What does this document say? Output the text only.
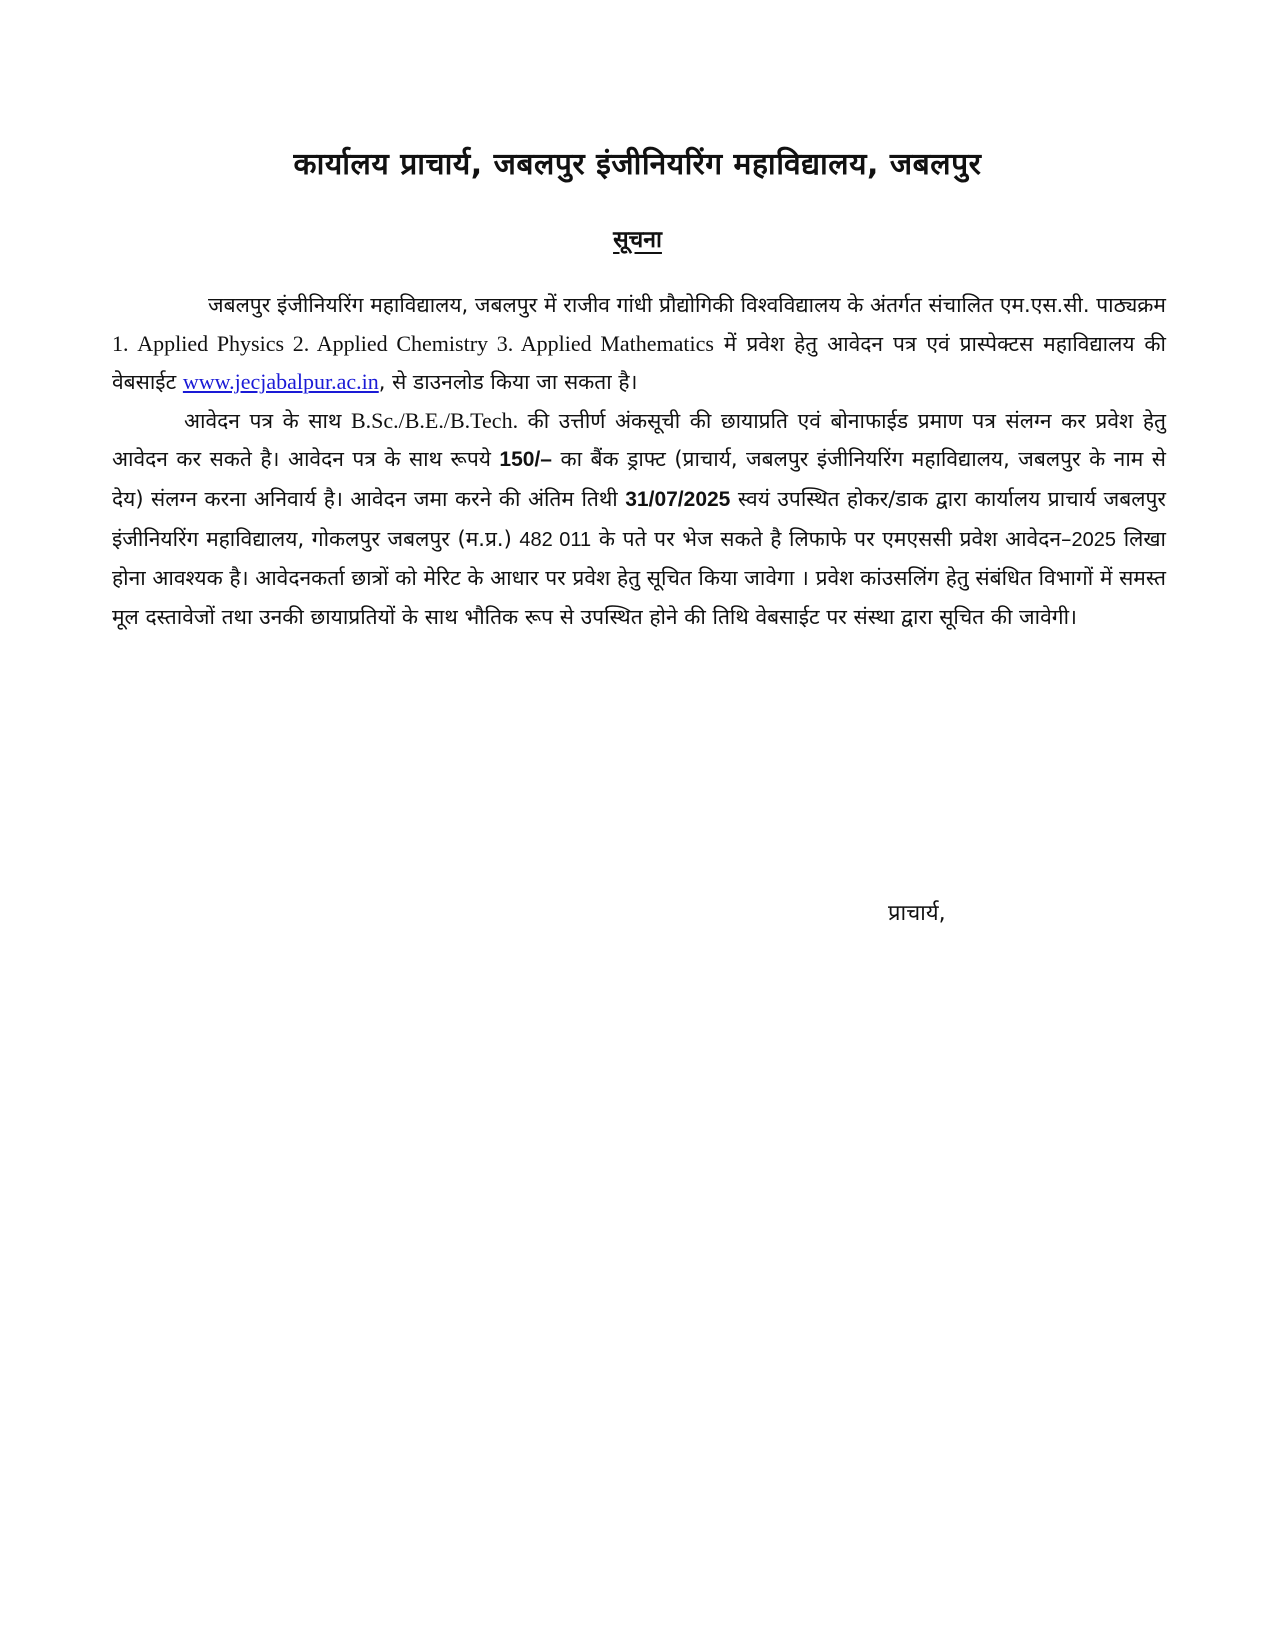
कार्यालय प्राचार्य, जबलपुर इंजीनियरिंग महाविद्यालय, जबलपुर
सूचना

जबलपुर इंजीनियरिंग महाविद्यालय, जबलपुर में राजीव गांधी प्रौद्योगिकी विश्वविद्यालय के अंतर्गत संचालित एम.एस.सी. पाठ्यक्रम 1. Applied Physics 2. Applied Chemistry 3. Applied Mathematics में प्रवेश हेतु आवेदन पत्र एवं प्रास्पेक्टस महाविद्यालय की वेबसाईट www.jecjabalpur.ac.in, से डाउनलोड किया जा सकता है।

आवेदन पत्र के साथ B.Sc./B.E./B.Tech. की उत्तीर्ण अंकसूची की छायाप्रति एवं बोनाफाईड प्रमाण पत्र संलग्न कर प्रवेश हेतु आवेदन कर सकते है। आवेदन पत्र के साथ रूपये 150/– का बैंक ड्राफ्ट (प्राचार्य, जबलपुर इंजीनियरिंग महाविद्यालय, जबलपुर के नाम से देय) संलग्न करना अनिवार्य है। आवेदन जमा करने की अंतिम तिथी 31/07/2025 स्वयं उपस्थित होकर/डाक द्वारा कार्यालय प्राचार्य जबलपुर इंजीनियरिंग महाविद्यालय, गोकलपुर जबलपुर (म.प्र.) 482 011 के पते पर भेज सकते है लिफाफे पर एमएससी प्रवेश आवेदन–2025 लिखा होना आवश्यक है। आवेदनकर्ता छात्रों को मेरिट के आधार पर प्रवेश हेतु सूचित किया जावेगा । प्रवेश कांउसलिंग हेतु संबंधित विभागों में समस्त मूल दस्तावेजों तथा उनकी छायाप्रतियों के साथ भौतिक रूप से उपस्थित होने की तिथि वेबसाईट पर संस्था द्वारा सूचित की जावेगी।

प्राचार्य,
